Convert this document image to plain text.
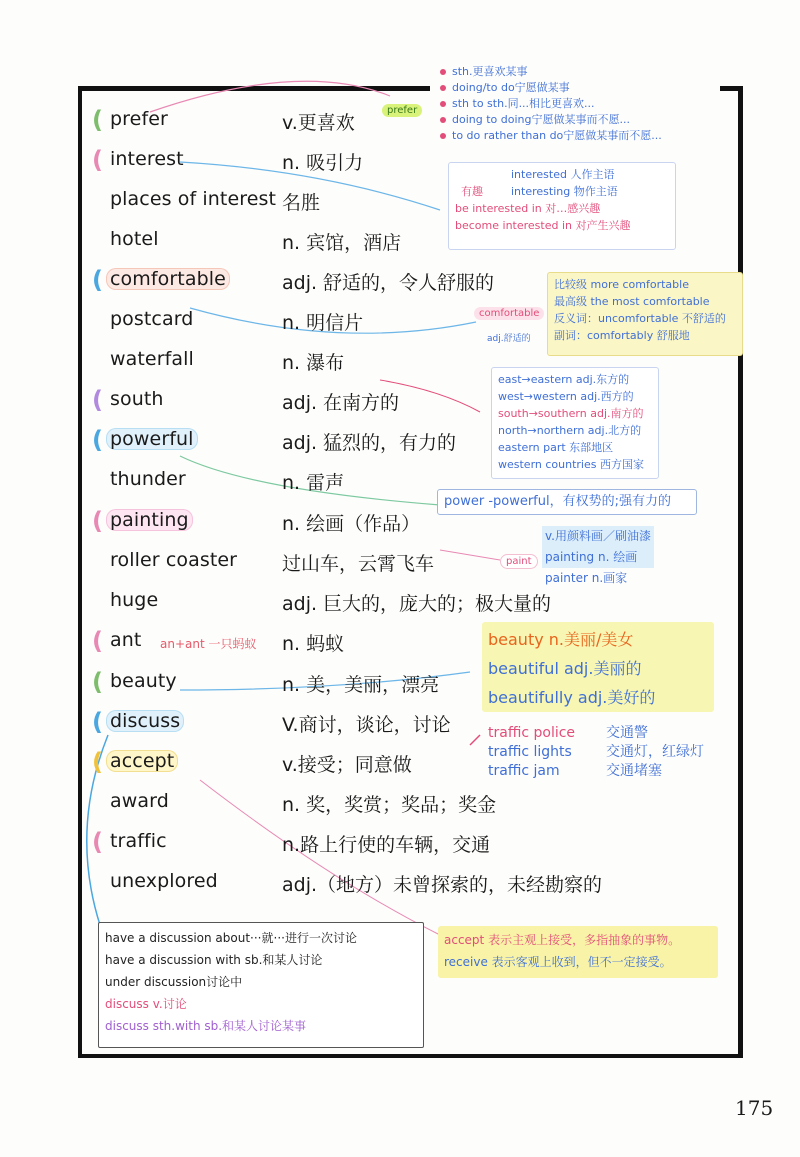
( prefer	v.更喜欢
( interest	n. 吸引力
places of interest 名胜
hotel	n. 宾馆，酒店
( comfortable	adj. 舒适的，令人舒服的
postcard	n. 明信片
waterfall	n. 瀑布
( south	adj. 在南方的
( powerful	adj. 猛烈的，有力的
thunder	n. 雷声
( painting	n. 绘画（作品）
roller coaster 过山车，云霄飞车
huge	adj. 巨大的，庞大的；极大量的
( ant	an+ant 一只蚂蚁 n. 蚂蚁
( beauty	n. 美，美丽，漂亮
( discuss	V.商讨，谈论，讨论
( accept	v.接受；同意做
award	n. 奖，奖赏；奖品；奖金
( traffic	n.路上行使的车辆，交通
unexplored	adj.（地方）未曾探索的，未经勘察的
prefer
sth.更喜欢某事
doing/to do宁愿做某事
sth to sth.同...相比更喜欢...
doing to doing宁愿做某事而不愿...
to do rather than do宁愿做某事而不愿...
有趣
interested 人作主语
interesting 物作主语
be interested in 对…感兴趣
become interested in 对产生兴趣
comfortable
adj.舒适的
比较级 more comfortable
最高级 the most comfortable
反义词：uncomfortable 不舒适的
副词：comfortably 舒服地
east→eastern adj.东方的
west→western adj.西方的
south→southern adj.南方的
north→northern adj.北方的
eastern part 东部地区
western countries 西方国家
power -powerful，有权势的;强有力的
paint
v.用颜料画／刷油漆
painting n. 绘画
painter n.画家
beauty n.美丽/美女
beautiful adj.美丽的
beautifully adj.美好的
traffic police 交通警
traffic lights 交通灯，红绿灯
traffic jam	交通堵塞
have a discussion about···就···进行一次讨论
have a discussion with sb.和某人讨论
under discussion讨论中
discuss v.讨论
discuss sth.with sb.和某人讨论某事
accept 表示主观上接受，多指抽象的事物。
receive 表示客观上收到，但不一定接受。
175
